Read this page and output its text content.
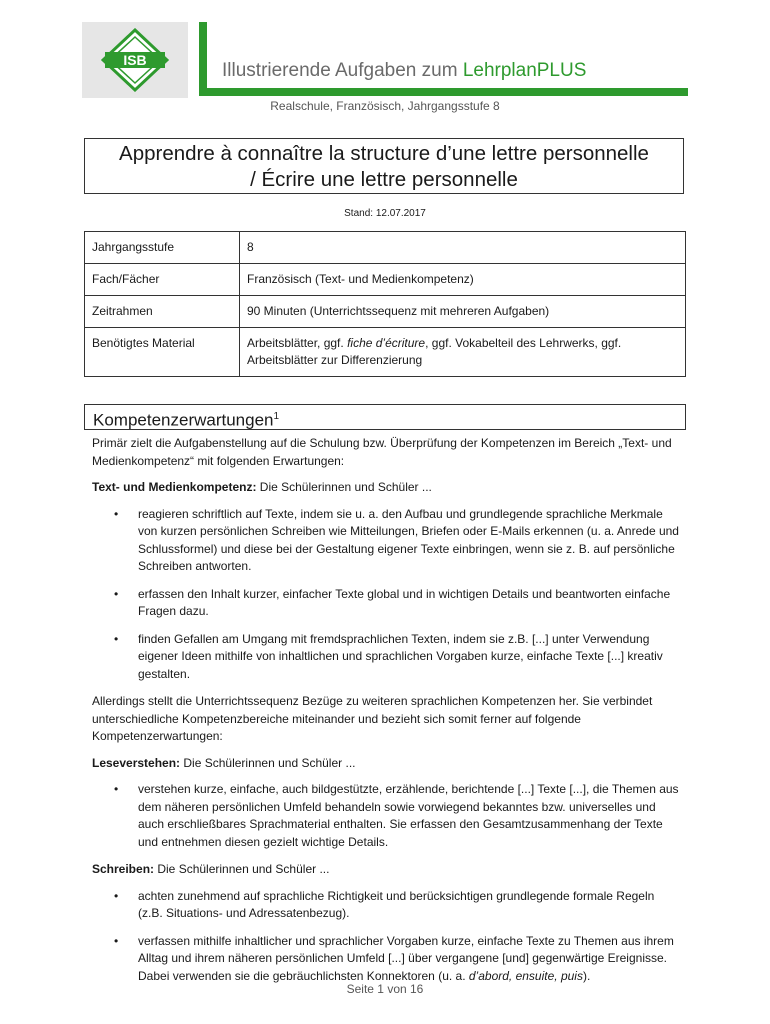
ISB	Illustrierende Aufgaben zum LehrplanPLUS
Realschule, Französisch, Jahrgangsstufe 8
Apprendre à connaître la structure d’une lettre personnelle
/ Écrire une lettre personnelle
Stand: 12.07.2017
Jahrgangsstufe	8
Fach/Fächer	Französisch (Text- und Medienkompetenz)
Zeitrahmen	90 Minuten (Unterrichtssequenz mit mehreren Aufgaben)
Benötigtes Material	Arbeitsblätter, ggf. fiche d’écriture, ggf. Vokabelteil des Lehrwerks, ggf. Arbeitsblätter zur Differenzierung
Kompetenzerwartungen$^1$

Primär zielt die Aufgabenstellung auf die Schulung bzw. Überprüfung der Kompetenzen im Bereich „Text- und Medienkompetenz“ mit folgenden Erwartungen:

Text- und Medienkompetenz: Die Schülerinnen und Schüler ...

• reagieren schriftlich auf Texte, indem sie u. a. den Aufbau und grundlegende sprachliche Merkmale von kurzen persönlichen Schreiben wie Mitteilungen, Briefen oder E-Mails erkennen (u. a. Anrede und Schlussformel) und diese bei der Gestaltung eigener Texte einbringen, wenn sie z. B. auf persönliche Schreiben antworten.
• erfassen den Inhalt kurzer, einfacher Texte global und in wichtigen Details und beantworten einfache Fragen dazu.
• finden Gefallen am Umgang mit fremdsprachlichen Texten, indem sie z.B. [...] unter Verwendung eigener Ideen mithilfe von inhaltlichen und sprachlichen Vorgaben kurze, einfache Texte [...] kreativ gestalten.

Allerdings stellt die Unterrichtssequenz Bezüge zu weiteren sprachlichen Kompetenzen her. Sie verbindet unterschiedliche Kompetenzbereiche miteinander und bezieht sich somit ferner auf folgende Kompetenzerwartungen:

Leseverstehen: Die Schülerinnen und Schüler ...

• verstehen kurze, einfache, auch bildgestützte, erzählende, berichtende [...] Texte [...], die Themen aus dem näheren persönlichen Umfeld behandeln sowie vorwiegend bekanntes bzw. universelles und auch erschließbares Sprachmaterial enthalten. Sie erfassen den Gesamtzusammenhang der Texte und entnehmen diesen gezielt wichtige Details.

Schreiben: Die Schülerinnen und Schüler ...

• achten zunehmend auf sprachliche Richtigkeit und berücksichtigen grundlegende formale Regeln (z.B. Situations- und Adressatenbezug).
• verfassen mithilfe inhaltlicher und sprachlicher Vorgaben kurze, einfache Texte zu Themen aus ihrem Alltag und ihrem näheren persönlichen Umfeld [...] über vergangene [und] gegenwärtige Ereignisse. Dabei verwenden sie die gebräuchlichsten Konnektoren (u. a. d’abord, ensuite, puis).
Seite 1 von 16
